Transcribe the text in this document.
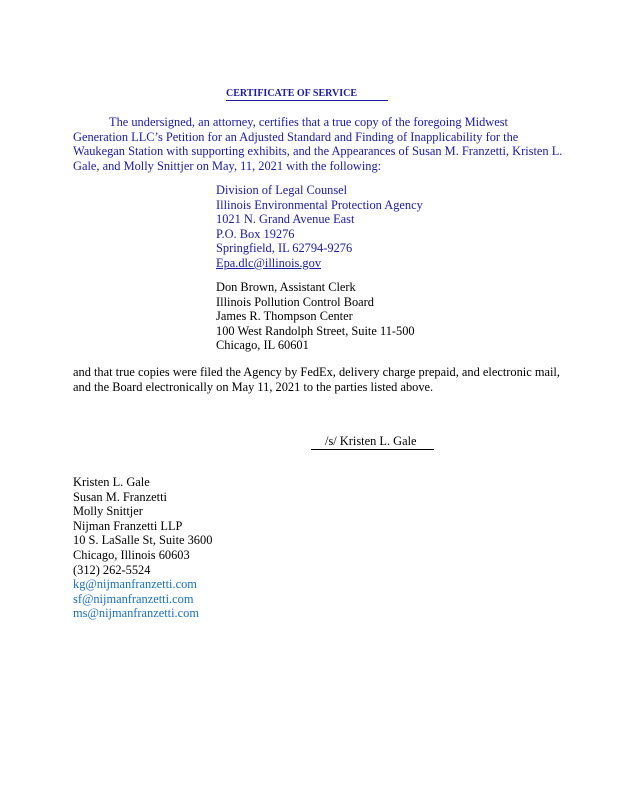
CERTIFICATE OF SERVICE
The undersigned, an attorney, certifies that a true copy of the foregoing Midwest Generation LLC’s Petition for an Adjusted Standard and Finding of Inapplicability for the Waukegan Station with supporting exhibits, and the Appearances of Susan M. Franzetti, Kristen L. Gale, and Molly Snittjer on May, 11, 2021 with the following:
Division of Legal Counsel
Illinois Environmental Protection Agency
1021 N. Grand Avenue East
P.O. Box 19276
Springfield, IL 62794-9276
Epa.dlc@illinois.gov
Don Brown, Assistant Clerk
Illinois Pollution Control Board
James R. Thompson Center
100 West Randolph Street, Suite 11-500
Chicago, IL 60601
and that true copies were filed the Agency by FedEx, delivery charge prepaid, and electronic mail, and the Board electronically on May 11, 2021 to the parties listed above.
/s/ Kristen L. Gale
Kristen L. Gale
Susan M. Franzetti
Molly Snittjer
Nijman Franzetti LLP
10 S. LaSalle St, Suite 3600
Chicago, Illinois 60603
(312) 262-5524
kg@nijmanfranzetti.com
sf@nijmanfranzetti.com
ms@nijmanfranzetti.com
